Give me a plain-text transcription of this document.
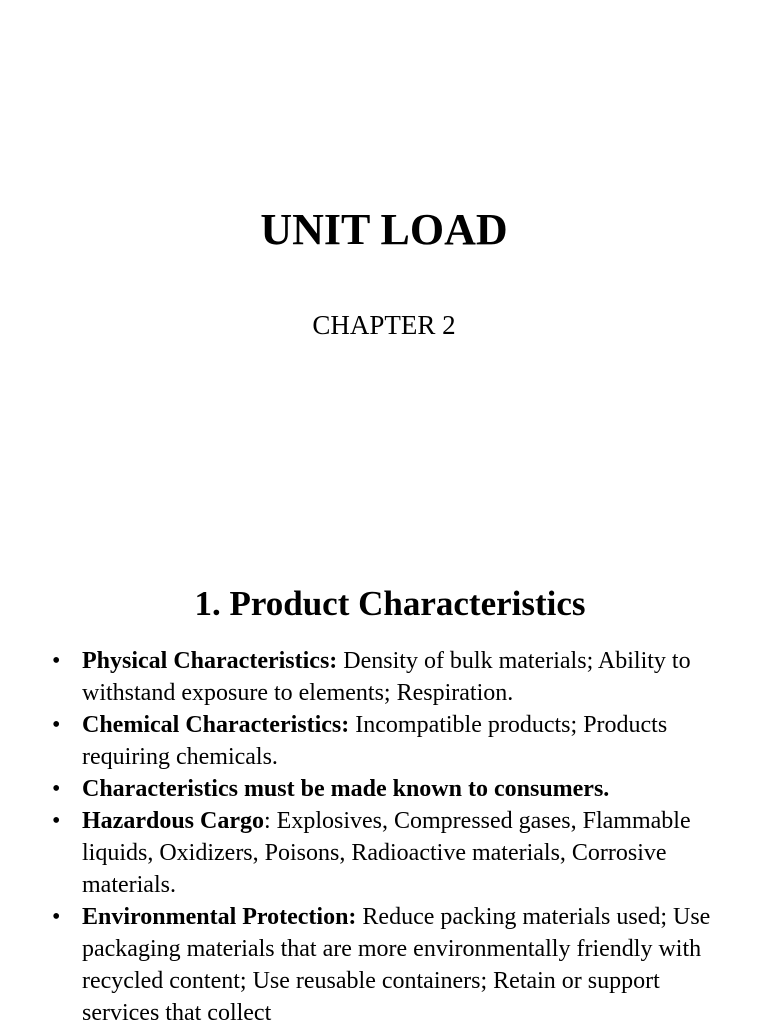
UNIT LOAD

CHAPTER 2

1. Product Characteristics
• Physical Characteristics: Density of bulk materials; Ability to withstand exposure to elements; Respiration.
• Chemical Characteristics: Incompatible products; Products requiring chemicals.
• Characteristics must be made known to consumers.
• Hazardous Cargo: Explosives, Compressed gases, Flammable liquids, Oxidizers, Poisons, Radioactive materials, Corrosive materials.
• Environmental Protection: Reduce packing materials used; Use packaging materials that are more environmentally friendly with recycled content; Use reusable containers; Retain or support services that collect
